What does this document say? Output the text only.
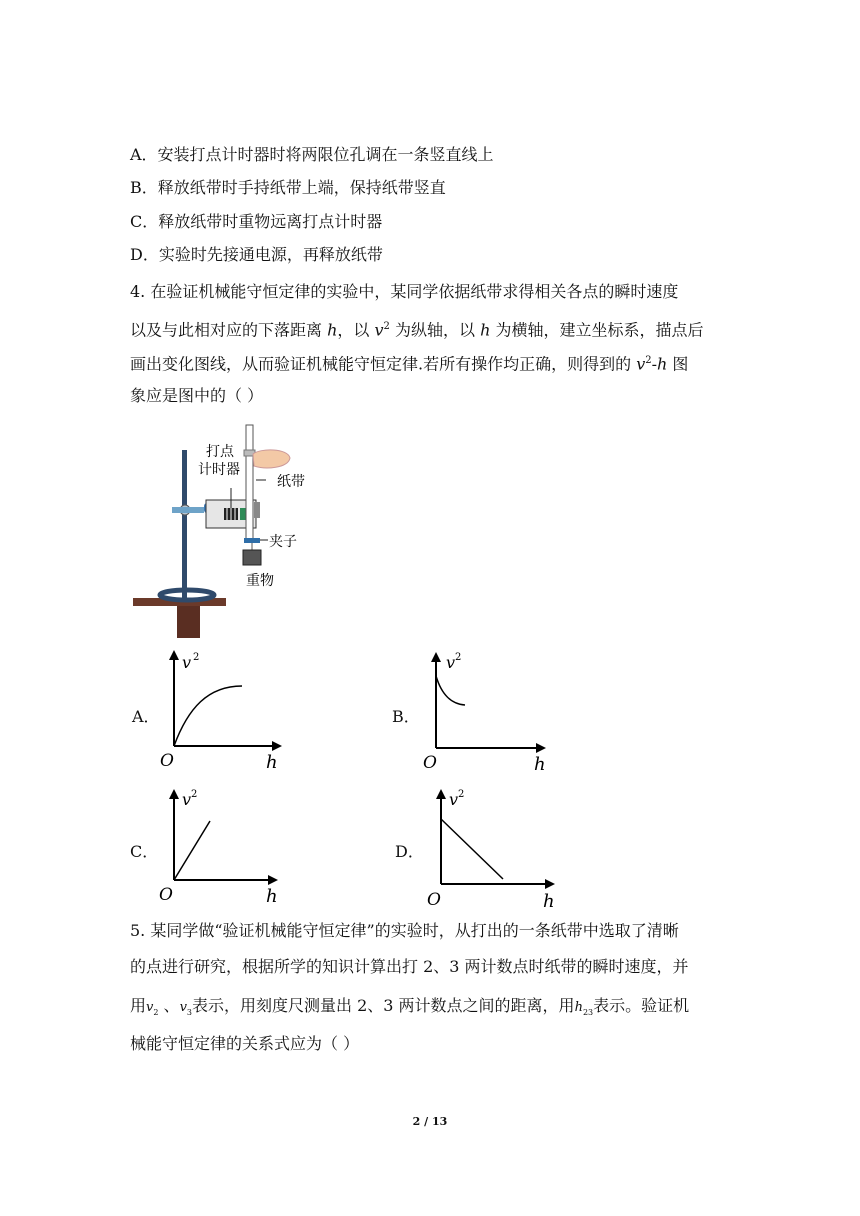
A．安装打点计时器时将两限位孔调在一条竖直线上
B．释放纸带时手持纸带上端，保持纸带竖直
C．释放纸带时重物远离打点计时器
D．实验时先接通电源，再释放纸带
4. 在验证机械能守恒定律的实验中，某同学依据纸带求得相关各点的瞬时速度
以及与此相对应的下落距离 h，以 $v^2$ 为纵轴，以 h 为横轴，建立坐标系，描点后
画出变化图线，从而验证机械能守恒定律.若所有操作均正确，则得到的 $v^2-h$ 图
象应是图中的（ ）
打点
计时器
纸带
夹子
重物
A．	B．
C．	D．
v 2
h
O
v 2
h
O
v 2
h
O
v 2
h
O
5. 某同学做“验证机械能守恒定律”的实验时，从打出的一条纸带中选取了清晰
的点进行研究，根据所学的知识计算出打 2、3 两计数点时纸带的瞬时速度，并
用$v_2$ 、$v_3$表示，用刻度尺测量出 2、3 两计数点之间的距离，用$h_{23}$表示。验证机
械能守恒定律的关系式应为（ ）
2 / 13
